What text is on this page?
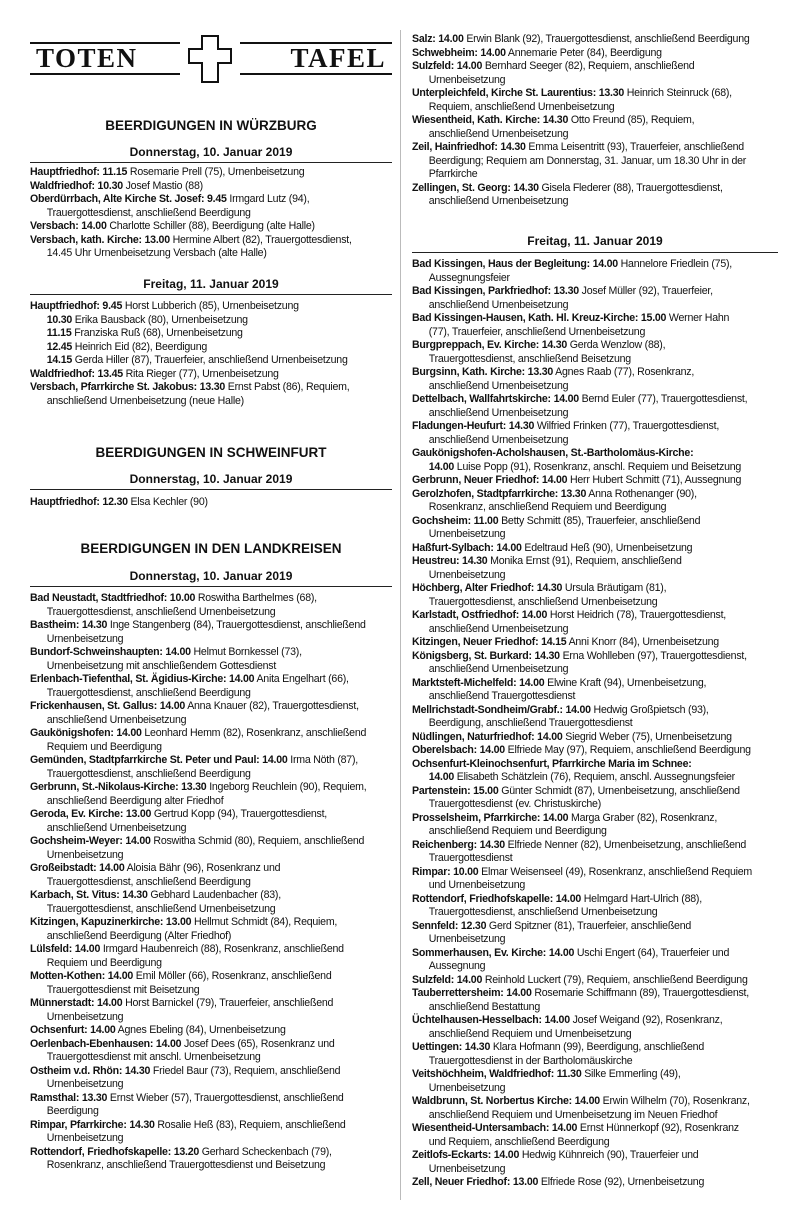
TOTEN	TAFEL
BEERDIGUNGEN IN WÜRZBURG
Donnerstag, 10. Januar 2019
Hauptfriedhof: 11.15 Rosemarie Prell (75), Urnenbeisetzung
Waldfriedhof: 10.30 Josef Mastio (88)
Oberdürrbach, Alte Kirche St. Josef: 9.45 Irmgard Lutz (94), Trauergottesdienst, anschließend Beerdigung
Versbach: 14.00 Charlotte Schiller (88), Beerdigung (alte Halle)
Versbach, kath. Kirche: 13.00 Hermine Albert (82), Trauergottesdienst, 14.45 Uhr Urnenbeisetzung Versbach (alte Halle)
Freitag, 11. Januar 2019
Hauptfriedhof: 9.45 Horst Lubberich (85), Urnenbeisetzung
10.30 Erika Bausback (80), Urnenbeisetzung
11.15 Franziska Ruß (68), Urnenbeisetzung
12.45 Heinrich Eid (82), Beerdigung
14.15 Gerda Hiller (87), Trauerfeier, anschließend Urnenbeisetzung
Waldfriedhof: 13.45 Rita Rieger (77), Urnenbeisetzung
Versbach, Pfarrkirche St. Jakobus: 13.30 Ernst Pabst (86), Requiem, anschließend Urnenbeisetzung (neue Halle)
BEERDIGUNGEN IN SCHWEINFURT
Donnerstag, 10. Januar 2019
Hauptfriedhof: 12.30 Elsa Kechler (90)
BEERDIGUNGEN IN DEN LANDKREISEN
Donnerstag, 10. Januar 2019
Bad Neustadt, Stadtfriedhof: 10.00 Roswitha Barthelmes (68), Trauergottesdienst, anschließend Urnenbeisetzung
Bastheim: 14.30 Inge Stangenberg (84), Trauergottesdienst, anschließend Urnenbeisetzung
Bundorf-Schweinshaupten: 14.00 Helmut Bornkessel (73), Urnenbeisetzung mit anschließendem Gottesdienst
Erlenbach-Tiefenthal, St. Ägidius-Kirche: 14.00 Anita Engelhart (66), Trauergottesdienst, anschließend Beerdigung
Frickenhausen, St. Gallus: 14.00 Anna Knauer (82), Trauergottesdienst, anschließend Urnenbeisetzung
Gaukönigshofen: 14.00 Leonhard Hemm (82), Rosenkranz, anschließend Requiem und Beerdigung
Gemünden, Stadtpfarrkirche St. Peter und Paul: 14.00 Irma Nöth (87), Trauergottesdienst, anschließend Beerdigung
Gerbrunn, St.-Nikolaus-Kirche: 13.30 Ingeborg Reuchlein (90), Requiem, anschließend Beerdigung alter Friedhof
Geroda, Ev. Kirche: 13.00 Gertrud Kopp (94), Trauergottesdienst, anschließend Urnenbeisetzung
Gochsheim-Weyer: 14.00 Roswitha Schmid (80), Requiem, anschließend Urnenbeisetzung
Großeibstadt: 14.00 Aloisia Bähr (96), Rosenkranz und Trauergottesdienst, anschließend Beerdigung
Karbach, St. Vitus: 14.30 Gebhard Laudenbacher (83), Trauergottesdienst, anschließend Urnenbeisetzung
Kitzingen, Kapuzinerkirche: 13.00 Hellmut Schmidt (84), Requiem, anschließend Beerdigung (Alter Friedhof)
Lülsfeld: 14.00 Irmgard Haubenreich (88), Rosenkranz, anschließend Requiem und Beerdigung
Motten-Kothen: 14.00 Emil Möller (66), Rosenkranz, anschließend Trauergottesdienst mit Beisetzung
Münnerstadt: 14.00 Horst Barnickel (79), Trauerfeier, anschließend Urnenbeisetzung
Ochsenfurt: 14.00 Agnes Ebeling (84), Urnenbeisetzung
Oerlenbach-Ebenhausen: 14.00 Josef Dees (65), Rosenkranz und Trauergottesdienst mit anschl. Urnenbeisetzung
Ostheim v.d. Rhön: 14.30 Friedel Baur (73), Requiem, anschließend Urnenbeisetzung
Ramsthal: 13.30 Ernst Wieber (57), Trauergottesdienst, anschließend Beerdigung
Rimpar, Pfarrkirche: 14.30 Rosalie Heß (83), Requiem, anschließend Urnenbeisetzung
Rottendorf, Friedhofskapelle: 13.20 Gerhard Scheckenbach (79), Rosenkranz, anschließend Trauergottesdienst und Beisetzung
Salz: 14.00 Erwin Blank (92), Trauergottesdienst, anschließend Beerdigung
Schwebheim: 14.00 Annemarie Peter (84), Beerdigung
Sulzfeld: 14.00 Bernhard Seeger (82), Requiem, anschließend Urnenbeisetzung
Unterpleichfeld, Kirche St. Laurentius: 13.30 Heinrich Steinruck (68), Requiem, anschließend Urnenbeisetzung
Wiesentheid, Kath. Kirche: 14.30 Otto Freund (85), Requiem, anschließend Urnenbeisetzung
Zeil, Hainfriedhof: 14.30 Emma Leisentritt (93), Trauerfeier, anschließend Beerdigung; Requiem am Donnerstag, 31. Januar, um 18.30 Uhr in der Pfarrkirche
Zellingen, St. Georg: 14.30 Gisela Flederer (88), Trauergottesdienst, anschließend Urnenbeisetzung
Freitag, 11. Januar 2019
Bad Kissingen, Haus der Begleitung: 14.00 Hannelore Friedlein (75), Aussegnungsfeier
Bad Kissingen, Parkfriedhof: 13.30 Josef Müller (92), Trauerfeier, anschließend Urnenbeisetzung
Bad Kissingen-Hausen, Kath. Hl. Kreuz-Kirche: 15.00 Werner Hahn (77), Trauerfeier, anschließend Urnenbeisetzung
Burgpreppach, Ev. Kirche: 14.30 Gerda Wenzlow (88), Trauergottesdienst, anschließend Beisetzung
Burgsinn, Kath. Kirche: 13.30 Agnes Raab (77), Rosenkranz, anschließend Urnenbeisetzung
Dettelbach, Wallfahrtskirche: 14.00 Bernd Euler (77), Trauergottesdienst, anschließend Urnenbeisetzung
Fladungen-Heufurt: 14.30 Wilfried Frinken (77), Trauergottesdienst, anschließend Urnenbeisetzung
Gaukönigshofen-Acholshausen, St.-Bartholomäus-Kirche:
14.00 Luise Popp (91), Rosenkranz, anschl. Requiem und Beisetzung
Gerbrunn, Neuer Friedhof: 14.00 Herr Hubert Schmitt (71), Aussegnung
Gerolzhofen, Stadtpfarrkirche: 13.30 Anna Rothenanger (90), Rosenkranz, anschließend Requiem und Beerdigung
Gochsheim: 11.00 Betty Schmitt (85), Trauerfeier, anschließend Urnenbeisetzung
Haßfurt-Sylbach: 14.00 Edeltraud Heß (90), Urnenbeisetzung
Heustreu: 14.30 Monika Ernst (91), Requiem, anschließend Urnenbeisetzung
Höchberg, Alter Friedhof: 14.30 Ursula Bräutigam (81), Trauergottesdienst, anschließend Urnenbeisetzung
Karlstadt, Ostfriedhof: 14.00 Horst Heidrich (78), Trauergottesdienst, anschließend Urnenbeisetzung
Kitzingen, Neuer Friedhof: 14.15 Anni Knorr (84), Urnenbeisetzung
Königsberg, St. Burkard: 14.30 Erna Wohlleben (97), Trauergottesdienst, anschließend Urnenbeisetzung
Marktsteft-Michelfeld: 14.00 Elwine Kraft (94), Urnenbeisetzung, anschließend Trauergottesdienst
Mellrichstadt-Sondheim/Grabf.: 14.00 Hedwig Großpietsch (93), Beerdigung, anschließend Trauergottesdienst
Nüdlingen, Naturfriedhof: 14.00 Siegrid Weber (75), Urnenbeisetzung
Oberelsbach: 14.00 Elfriede May (97), Requiem, anschließend Beerdigung
Ochsenfurt-Kleinochsenfurt, Pfarrkirche Maria im Schnee:
14.00 Elisabeth Schätzlein (76), Requiem, anschl. Aussegnungsfeier
Partenstein: 15.00 Günter Schmidt (87), Urnenbeisetzung, anschließend Trauergottesdienst (ev. Christuskirche)
Prosselsheim, Pfarrkirche: 14.00 Marga Graber (82), Rosenkranz, anschließend Requiem und Beerdigung
Reichenberg: 14.30 Elfriede Nenner (82), Urnenbeisetzung, anschließend Trauergottesdienst
Rimpar: 10.00 Elmar Weisenseel (49), Rosenkranz, anschließend Requiem und Urnenbeisetzung
Rottendorf, Friedhofskapelle: 14.00 Helmgard Hart-Ulrich (88), Trauergottesdienst, anschließend Urnenbeisetzung
Sennfeld: 12.30 Gerd Spitzner (81), Trauerfeier, anschließend Urnenbeisetzung
Sommerhausen, Ev. Kirche: 14.00 Uschi Engert (64), Trauerfeier und Aussegnung
Sulzfeld: 14.00 Reinhold Luckert (79), Requiem, anschließend Beerdigung
Tauberrettersheim: 14.00 Rosemarie Schiffmann (89), Trauergottesdienst, anschließend Bestattung
Üchtelhausen-Hesselbach: 14.00 Josef Weigand (92), Rosenkranz, anschließend Requiem und Urnenbeisetzung
Uettingen: 14.30 Klara Hofmann (99), Beerdigung, anschließend Trauergottesdienst in der Bartholomäuskirche
Veitshöchheim, Waldfriedhof: 11.30 Silke Emmerling (49), Urnenbeisetzung
Waldbrunn, St. Norbertus Kirche: 14.00 Erwin Wilhelm (70), Rosenkranz, anschließend Requiem und Urnenbeisetzung im Neuen Friedhof
Wiesentheid-Untersambach: 14.00 Ernst Hünnerkopf (92), Rosenkranz und Requiem, anschließend Beerdigung
Zeitlofs-Eckarts: 14.00 Hedwig Kühnreich (90), Trauerfeier und Urnenbeisetzung
Zell, Neuer Friedhof: 13.00 Elfriede Rose (92), Urnenbeisetzung
